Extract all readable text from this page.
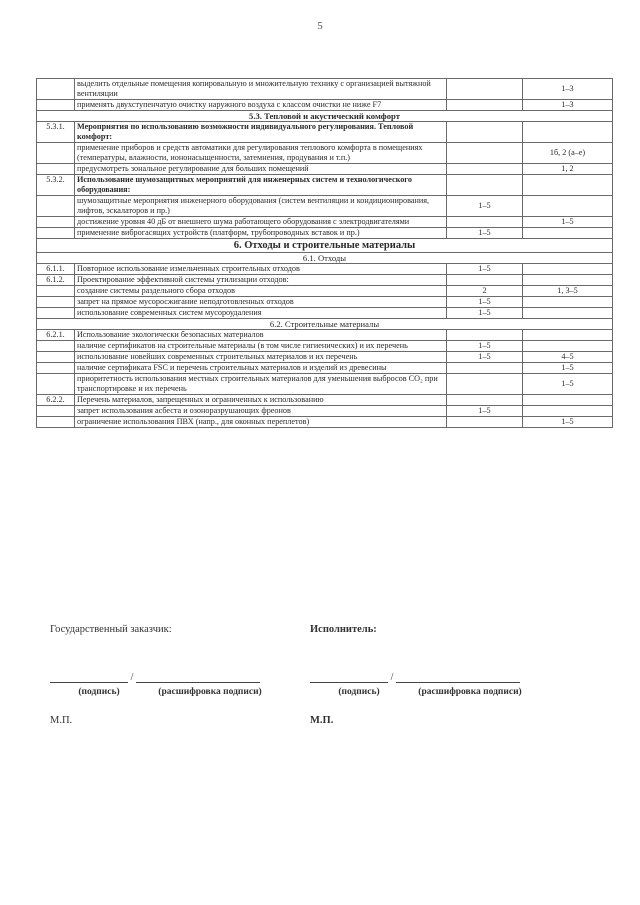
5
	выделить отдельные помещения копировальную и множительную технику с организацией вытяжной вентиляции		1–3
	применять двухступенчатую очистку наружного воздуха с классом очистки не ниже F7		1–3
5.3. Тепловой и акустический комфорт			
5.3.1.	Мероприятия по использованию возможности индивидуального регулирования. Тепловой комфорт:		
	применение приборов и средств автоматики для регулирования теплового комфорта в помещениях (температуры, влажности, иононасыщенности, затемнения, продувания и т.п.)		1б, 2 (а–е)
	предусмотреть зональное регулирование для больших помещений		1, 2
5.3.2.	Использование шумозащитных мероприятий для инженерных систем и технологического оборудования:		
	шумозащитные мероприятия инженерного оборудования (систем вентиляции и кондиционирования, лифтов, эскалаторов и пр.)	1–5	
	достижение уровня 40 дБ от внешнего шума работающего оборудования с электродвигателями		1–5
	применение виброгасящих устройств (платформ, трубопроводных вставок и пр.)	1–5	
6. Отходы и строительные материалы			
6.1. Отходы			
6.1.1.	Повторное использование измельченных строительных отходов	1–5	
6.1.2.	Проектирование эффективной системы утилизации отходов:		
	создание системы раздельного сбора отходов	2	1, 3–5
	запрет на прямое мусоросжигание неподготовленных отходов	1–5	
	использование современных систем мусороудаления	1–5	
6.2. Строительные материалы			
6.2.1.	Использование экологически безопасных материалов		
	наличие сертификатов на строительные материалы (в том числе гигиенических) и их перечень	1–5	
	использование новейших современных строительных материалов и их перечень	1–5	4–5
	наличие сертификата FSC и перечень строительных материалов и изделий из древесины		1–5
	приоритетность использования местных строительных материалов для уменьшения выбросов CO₂ при транспортировке и их перечень		1–5
6.2.2.	Перечень материалов, запрещенных и ограниченных к использованию		
	запрет использования асбеста и озоноразрушающих фреонов	1–5	
	ограничение использования ПВХ (напр., для оконных переплетов)		1–5
Государственный заказчик:
/
(подпись)	(расшифровка подписи)
М.П.
Исполнитель:
/
(подпись)	(расшифровка подписи)
М.П.
